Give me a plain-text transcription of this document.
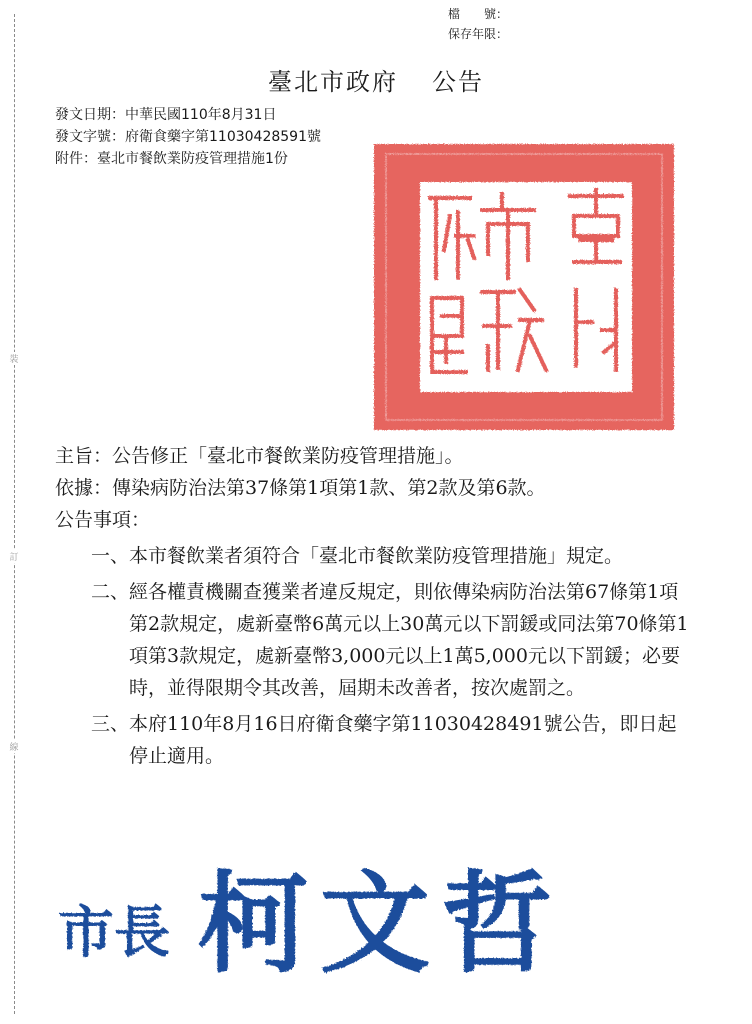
裝
訂
線
檔　　號：
保存年限：
臺北市政府 公告
發文日期：中華民國110年8月31日
發文字號：府衛食藥字第11030428591號
附件：臺北市餐飲業防疫管理措施1份
主旨：公告修正「臺北市餐飲業防疫管理措施」。
依據：傳染病防治法第37條第1項第1款、第2款及第6款。
公告事項：
一、 本市餐飲業者須符合「臺北市餐飲業防疫管理措施」規定。
二、 經各權責機關查獲業者違反規定，則依傳染病防治法第67條第1項第2款規定，處新臺幣6萬元以上30萬元以下罰鍰或同法第70條第1項第3款規定，處新臺幣3,000元以上1萬5,000元以下罰鍰；必要時，並得限期令其改善，屆期未改善者，按次處罰之。
三、 本府110年8月16日府衛食藥字第11030428491號公告，即日起停止適用。
市長 柯文哲
